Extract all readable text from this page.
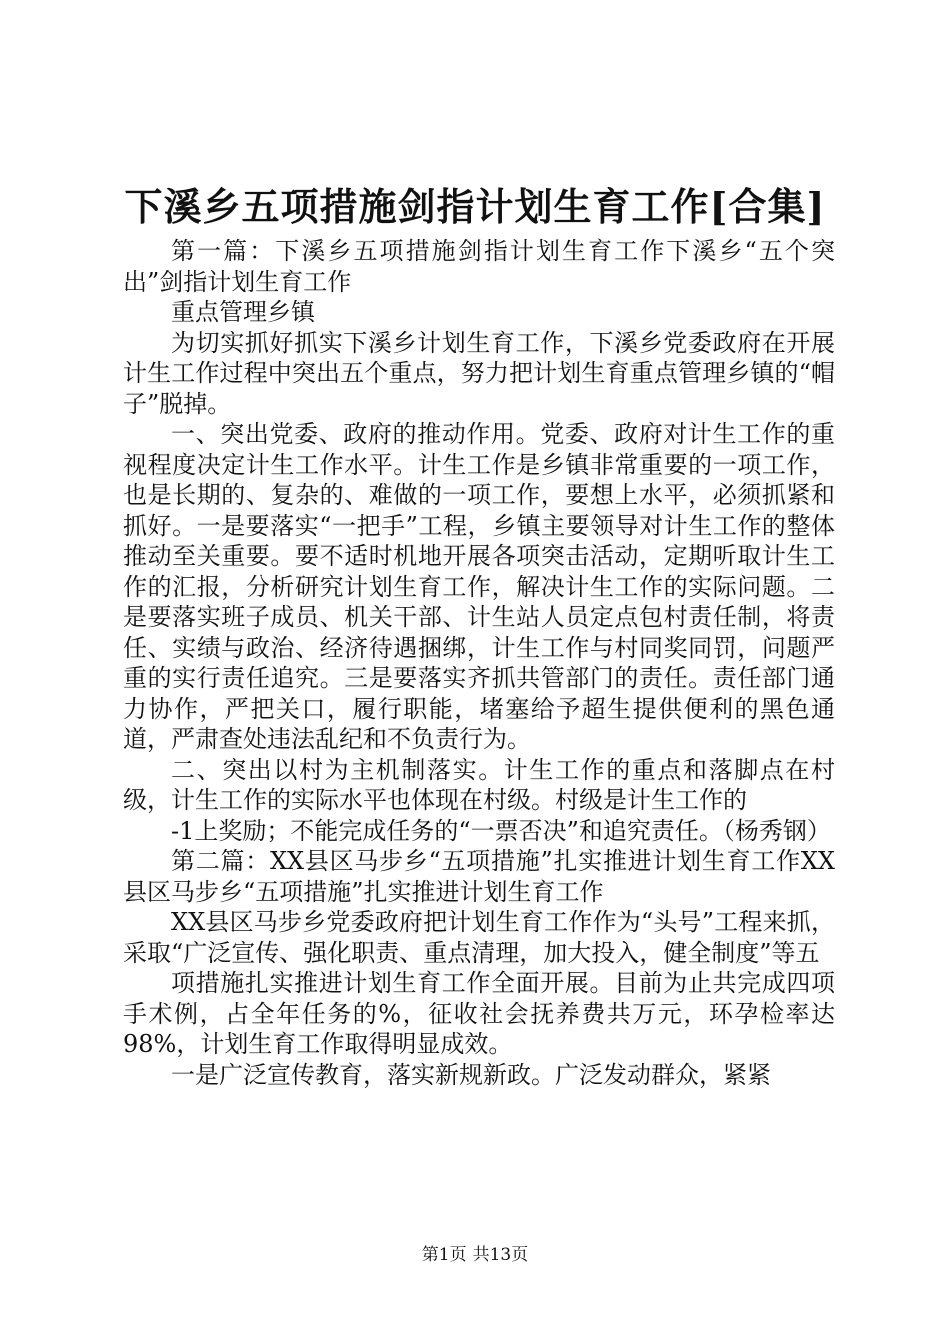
下溪乡五项措施剑指计划生育工作[合集]

第一篇：下溪乡五项措施剑指计划生育工作下溪乡“五个突出”剑指计划生育工作

重点管理乡镇

为切实抓好抓实下溪乡计划生育工作，下溪乡党委政府在开展计生工作过程中突出五个重点，努力把计划生育重点管理乡镇的“帽子”脱掉。

一、突出党委、政府的推动作用。党委、政府对计生工作的重视程度决定计生工作水平。计生工作是乡镇非常重要的一项工作，也是长期的、复杂的、难做的一项工作，要想上水平，必须抓紧和抓好。一是要落实“一把手”工程，乡镇主要领导对计生工作的整体推动至关重要。要不适时机地开展各项突击活动，定期听取计生工作的汇报，分析研究计划生育工作，解决计生工作的实际问题。二是要落实班子成员、机关干部、计生站人员定点包村责任制，将责任、实绩与政治、经济待遇捆绑，计生工作与村同奖同罚，问题严重的实行责任追究。三是要落实齐抓共管部门的责任。责任部门通力协作，严把关口，履行职能，堵塞给予超生提供便利的黑色通道，严肃查处违法乱纪和不负责行为。

二、突出以村为主机制落实。计生工作的重点和落脚点在村级，计生工作的实际水平也体现在村级。村级是计生工作的

-1上奖励；不能完成任务的“一票否决”和追究责任。（杨秀钢）

第二篇：XX县区马步乡“五项措施”扎实推进计划生育工作XX县区马步乡“五项措施”扎实推进计划生育工作

XX县区马步乡党委政府把计划生育工作作为“头号”工程来抓，采取“广泛宣传、强化职责、重点清理，加大投入，健全制度”等五

项措施扎实推进计划生育工作全面开展。目前为止共完成四项手术例，占全年任务的%，征收社会抚养费共万元，环孕检率达98%，计划生育工作取得明显成效。

一是广泛宣传教育，落实新规新政。广泛发动群众，紧紧

第1页 共13页
